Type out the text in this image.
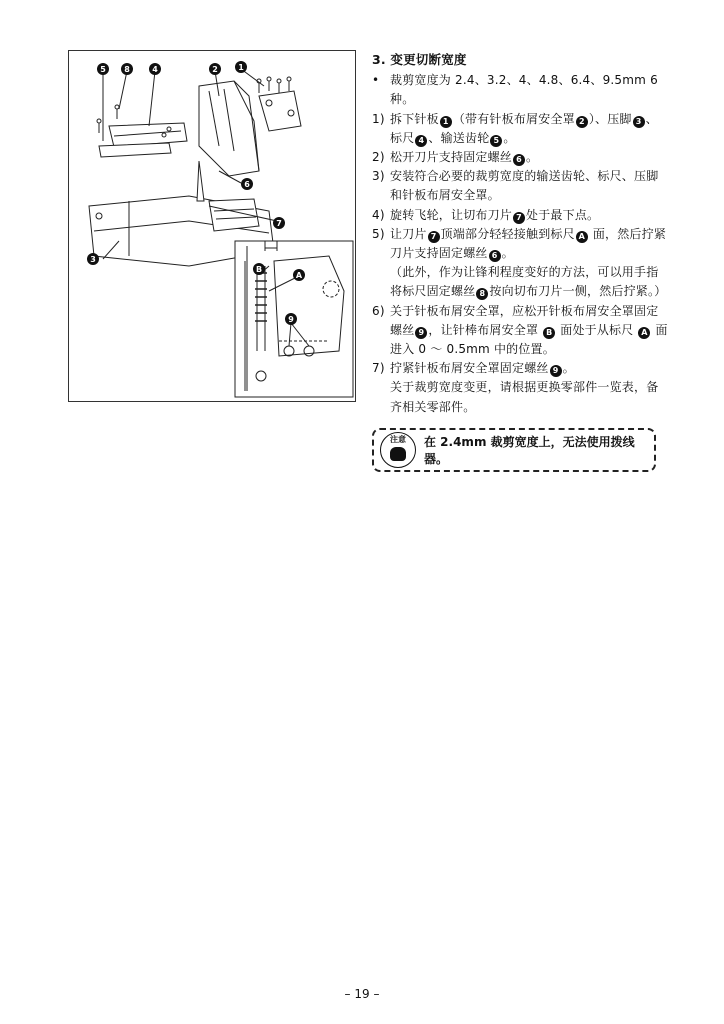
5 8	4	2	1
6
7
3
A
B
9
3. 变更切断宽度
• 裁剪宽度为 2.4、3.2、4、4.8、6.4、9.5mm 6 种。
1) 拆下针板 1 （带有针板布屑安全罩 2 ）、压脚 3 、标尺 4 、输送齿轮 5 。
2) 松开刀片支持固定螺丝 6 。
3) 安装符合必要的裁剪宽度的输送齿轮、标尺、压脚和针板布屑安全罩。
4) 旋转飞轮，让切布刀片 7 处于最下点。
5) 让刀片 7 顶端部分轻轻接触到标尺 A 面，然后拧紧刀片支持固定螺丝 6 。
（此外，作为让锋利程度变好的方法，可以用手指将标尺固定螺丝 8 按向切布刀片一侧，然后拧紧。）
6) 关于针板布屑安全罩，应松开针板布屑安全罩固定螺丝 9 ，让针棒布屑安全罩 B 面处于从标尺 A 面进入 0 ～ 0.5mm 中的位置。
7) 拧紧针板布屑安全罩固定螺丝 9 。
关于裁剪宽度变更，请根据更换零部件一览表，备齐相关零部件。
注意	在 2.4mm 裁剪宽度上，无法使用拨线器。
– 19 –
